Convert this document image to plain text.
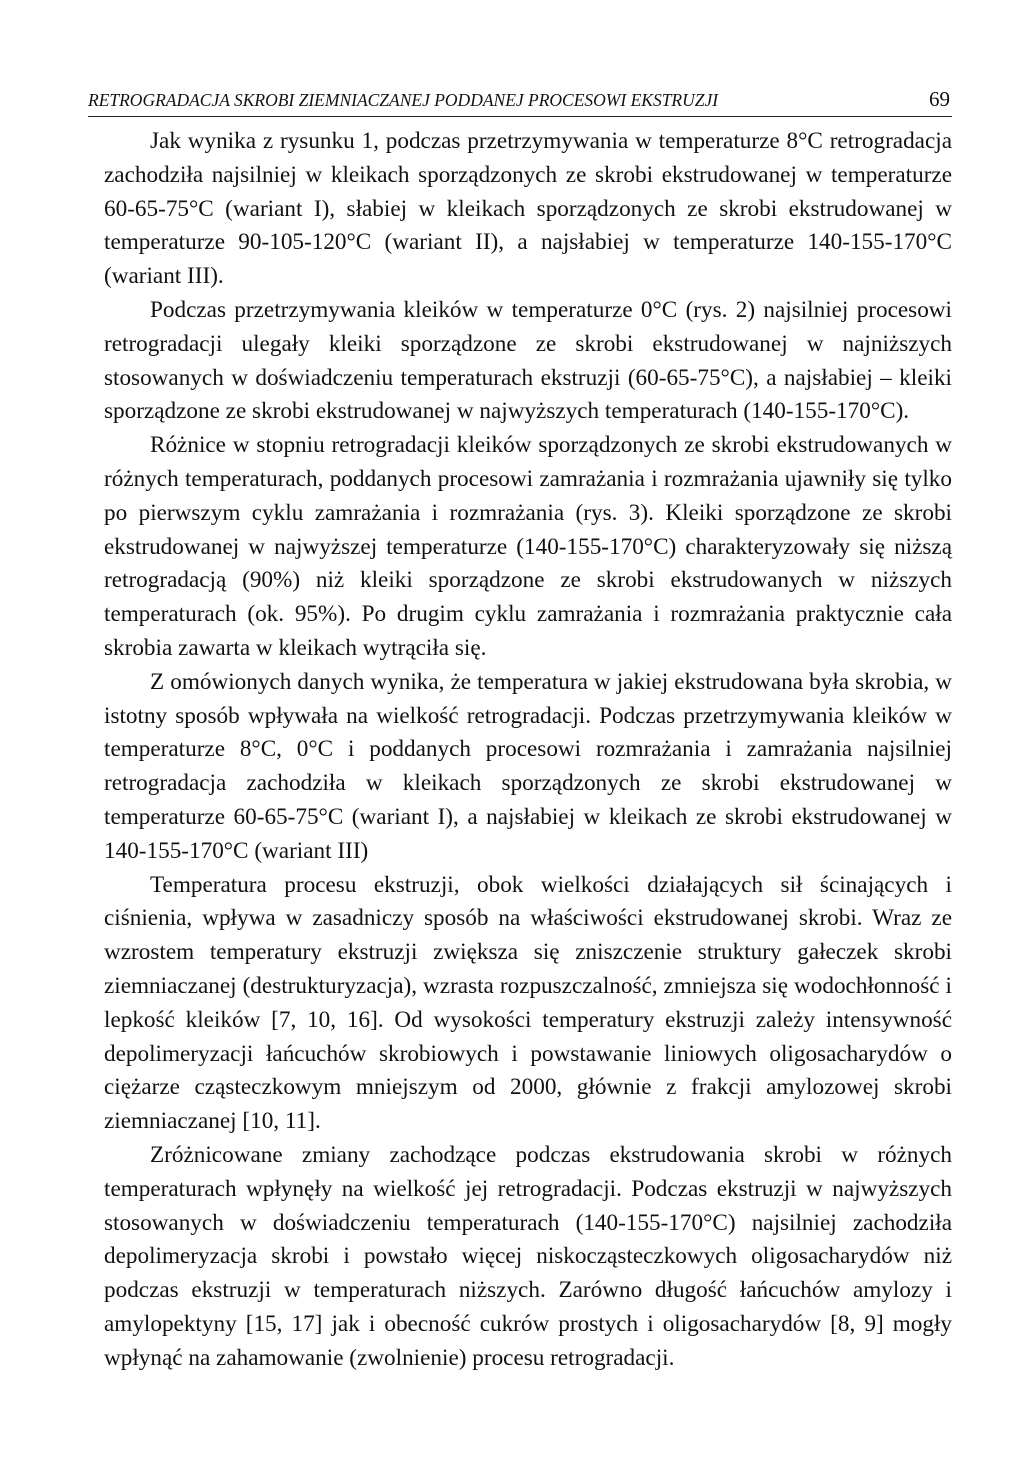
RETROGRADACJA SKROBI ZIEMNIACZANEJ PODDANEJ PROCESOWI EKSTRUZJI	69

Jak wynika z rysunku 1, podczas przetrzymywania w temperaturze 8°C retrogradacja zachodziła najsilniej w kleikach sporządzonych ze skrobi ekstrudowanej w temperaturze 60-65-75°C (wariant I), słabiej w kleikach sporządzonych ze skrobi ekstrudowanej w temperaturze 90-105-120°C (wariant II), a najsłabiej w temperaturze 140-155-170°C (wariant III).

Podczas przetrzymywania kleików w temperaturze 0°C (rys. 2) najsilniej procesowi retrogradacji ulegały kleiki sporządzone ze skrobi ekstrudowanej w najniższych stosowanych w doświadczeniu temperaturach ekstruzji (60-65-75°C), a najsłabiej – kleiki sporządzone ze skrobi ekstrudowanej w najwyższych temperaturach (140-155-170°C).

Różnice w stopniu retrogradacji kleików sporządzonych ze skrobi ekstrudowanych w różnych temperaturach, poddanych procesowi zamrażania i rozmrażania ujawniły się tylko po pierwszym cyklu zamrażania i rozmrażania (rys. 3). Kleiki sporządzone ze skrobi ekstrudowanej w najwyższej temperaturze (140-155-170°C) charakteryzowały się niższą retrogradacją (90%) niż kleiki sporządzone ze skrobi ekstrudowanych w niższych temperaturach (ok. 95%). Po drugim cyklu zamrażania i rozmrażania praktycznie cała skrobia zawarta w kleikach wytrąciła się.

Z omówionych danych wynika, że temperatura w jakiej ekstrudowana była skrobia, w istotny sposób wpływała na wielkość retrogradacji. Podczas przetrzymywania kleików w temperaturze 8°C, 0°C i poddanych procesowi rozmrażania i zamrażania najsilniej retrogradacja zachodziła w kleikach sporządzonych ze skrobi ekstrudowanej w temperaturze 60-65-75°C (wariant I), a najsłabiej w kleikach ze skrobi ekstrudowanej w 140-155-170°C (wariant III)

Temperatura procesu ekstruzji, obok wielkości działających sił ścinających i ciśnienia, wpływa w zasadniczy sposób na właściwości ekstrudowanej skrobi. Wraz ze wzrostem temperatury ekstruzji zwiększa się zniszczenie struktury gałeczek skrobi ziemniaczanej (destrukturyzacja), wzrasta rozpuszczalność, zmniejsza się wodochłonność i lepkość kleików [7, 10, 16]. Od wysokości temperatury ekstruzji zależy intensywność depolimeryzacji łańcuchów skrobiowych i powstawanie liniowych oligosacharydów o ciężarze cząsteczkowym mniejszym od 2000, głównie z frakcji amylozowej skrobi ziemniaczanej [10, 11].

Zróżnicowane zmiany zachodzące podczas ekstrudowania skrobi w różnych temperaturach wpłynęły na wielkość jej retrogradacji. Podczas ekstruzji w najwyższych stosowanych w doświadczeniu temperaturach (140-155-170°C) najsilniej zachodziła depolimeryzacja skrobi i powstało więcej niskocząsteczkowych oligosacharydów niż podczas ekstruzji w temperaturach niższych. Zarówno długość łańcuchów amylozy i amylopektyny [15, 17] jak i obecność cukrów prostych i oligosacharydów [8, 9] mogły wpłynąć na zahamowanie (zwolnienie) procesu retrogradacji.
